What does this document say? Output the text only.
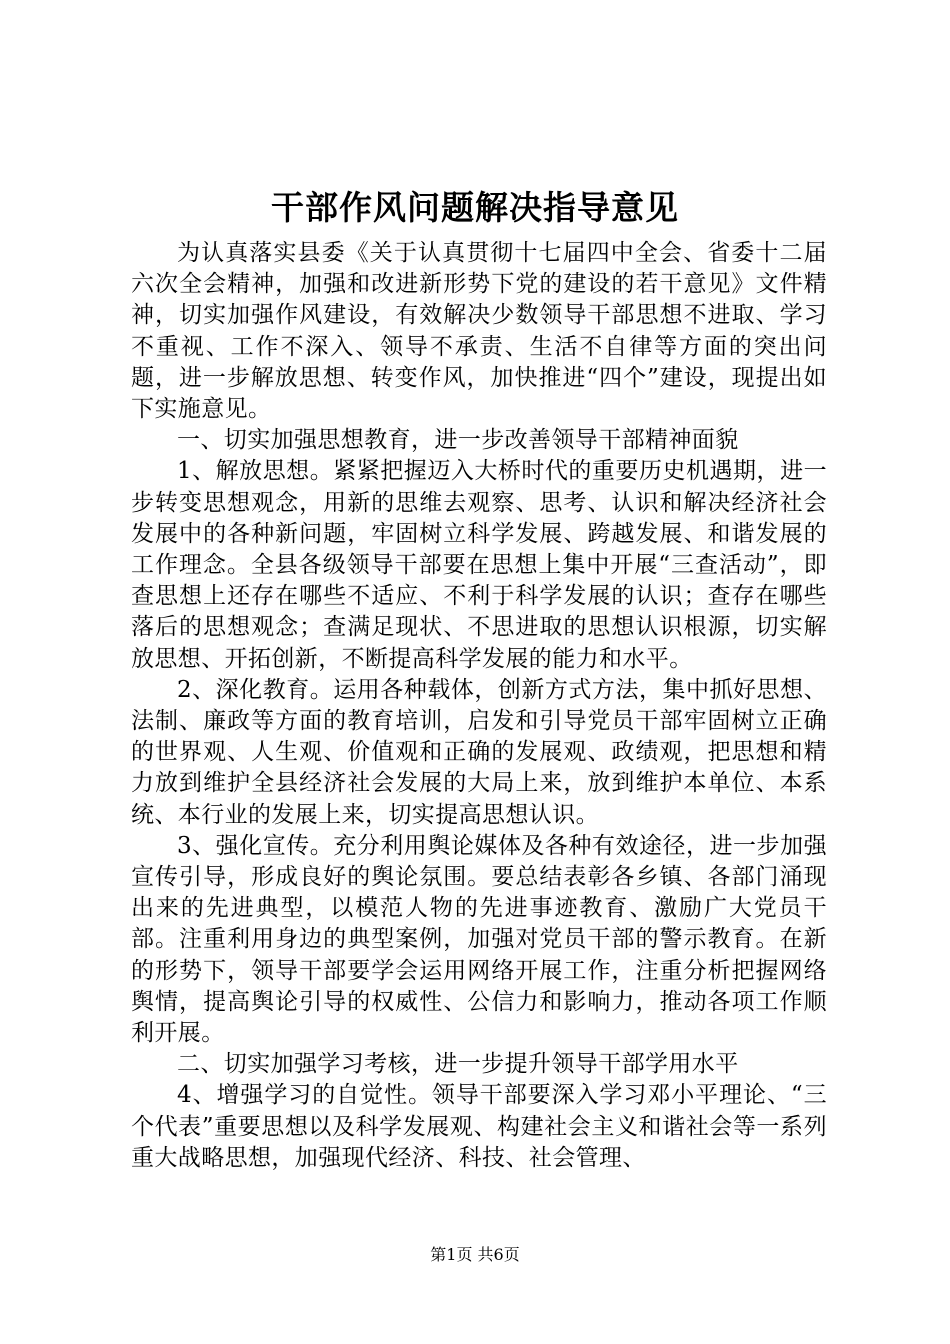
干部作风问题解决指导意见

为认真落实县委《关于认真贯彻十七届四中全会、省委十二届六次全会精神，加强和改进新形势下党的建设的若干意见》文件精神，切实加强作风建设，有效解决少数领导干部思想不进取、学习不重视、工作不深入、领导不承责、生活不自律等方面的突出问题，进一步解放思想、转变作风，加快推进“四个”建设，现提出如下实施意见。

一、切实加强思想教育，进一步改善领导干部精神面貌

1、解放思想。紧紧把握迈入大桥时代的重要历史机遇期，进一步转变思想观念，用新的思维去观察、思考、认识和解决经济社会发展中的各种新问题，牢固树立科学发展、跨越发展、和谐发展的工作理念。全县各级领导干部要在思想上集中开展“三查活动”，即查思想上还存在哪些不适应、不利于科学发展的认识；查存在哪些落后的思想观念；查满足现状、不思进取的思想认识根源，切实解放思想、开拓创新，不断提高科学发展的能力和水平。

2、深化教育。运用各种载体，创新方式方法，集中抓好思想、法制、廉政等方面的教育培训，启发和引导党员干部牢固树立正确的世界观、人生观、价值观和正确的发展观、政绩观，把思想和精力放到维护全县经济社会发展的大局上来，放到维护本单位、本系统、本行业的发展上来，切实提高思想认识。

3、强化宣传。充分利用舆论媒体及各种有效途径，进一步加强宣传引导，形成良好的舆论氛围。要总结表彰各乡镇、各部门涌现出来的先进典型，以模范人物的先进事迹教育、激励广大党员干部。注重利用身边的典型案例，加强对党员干部的警示教育。在新的形势下，领导干部要学会运用网络开展工作，注重分析把握网络舆情，提高舆论引导的权威性、公信力和影响力，推动各项工作顺利开展。

二、切实加强学习考核，进一步提升领导干部学用水平

4、增强学习的自觉性。领导干部要深入学习邓小平理论、“三个代表”重要思想以及科学发展观、构建社会主义和谐社会等一系列重大战略思想，加强现代经济、科技、社会管理、

第1页 共6页
